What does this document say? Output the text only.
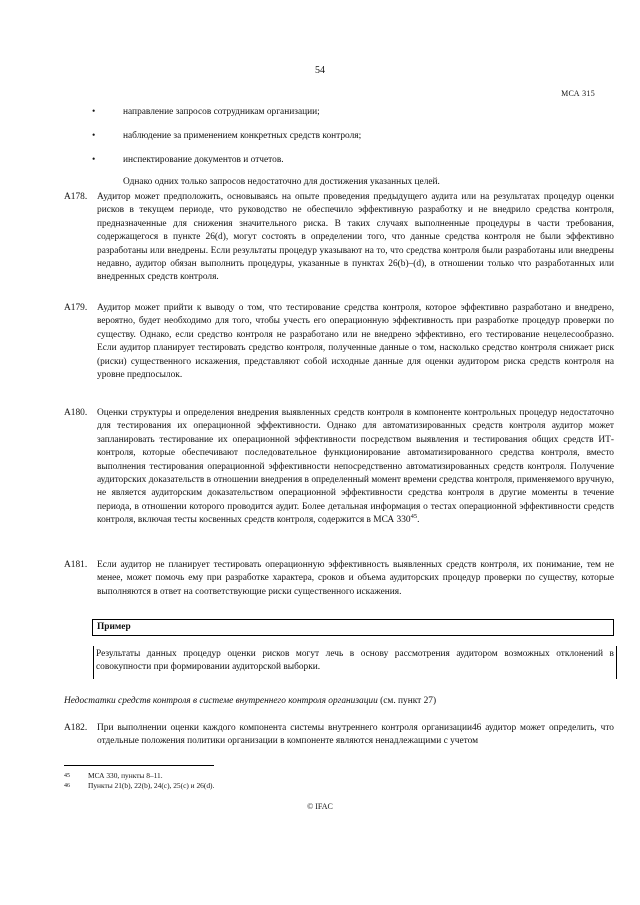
54
МСА 315
•	направление запросов сотрудникам организации;
•	наблюдение за применением конкретных средств контроля;
•	инспектирование документов и отчетов.
Однако одних только запросов недостаточно для достижения указанных целей.
A178.	Аудитор может предположить, основываясь на опыте проведения предыдущего аудита или на результатах процедур оценки рисков в текущем периоде, что руководство не обеспечило эффективную разработку и не внедрило средства контроля, предназначенные для снижения значительного риска. В таких случаях выполненные процедуры в части требования, содержащегося в пункте 26(d), могут состоять в определении того, что данные средства контроля не были эффективно разработаны или внедрены. Если результаты процедур указывают на то, что средства контроля были разработаны или внедрены недавно, аудитор обязан выполнить процедуры, указанные в пунктах 26(b)–(d), в отношении только что разработанных или внедренных средств контроля.
A179.	Аудитор может прийти к выводу о том, что тестирование средства контроля, которое эффективно разработано и внедрено, вероятно, будет необходимо для того, чтобы учесть его операционную эффективность при разработке процедур проверки по существу. Однако, если средство контроля не разработано или не внедрено эффективно, его тестирование нецелесообразно. Если аудитор планирует тестировать средство контроля, полученные данные о том, насколько средство контроля снижает риск (риски) существенного искажения, представляют собой исходные данные для оценки аудитором риска средств контроля на уровне предпосылок.
A180.	Оценки структуры и определения внедрения выявленных средств контроля в компоненте контрольных процедур недостаточно для тестирования их операционной эффективности. Однако для автоматизированных средств контроля аудитор может запланировать тестирование их операционной эффективности посредством выявления и тестирования общих средств ИТ-контроля, которые обеспечивают последовательное функционирование автоматизированного средства контроля, вместо выполнения тестирования операционной эффективности непосредственно автоматизированных средств контроля. Получение аудиторских доказательств в отношении внедрения в определенный момент времени средства контроля, применяемого вручную, не является аудиторским доказательством операционной эффективности средства контроля в другие моменты в течение периода, в отношении которого проводится аудит. Более детальная информация о тестах операционной эффективности средств контроля, включая тесты косвенных средств контроля, содержится в МСА $330^{45}$.
A181.	Если аудитор не планирует тестировать операционную эффективность выявленных средств контроля, их понимание, тем не менее, может помочь ему при разработке характера, сроков и объема аудиторских процедур проверки по существу, которые выполняются в ответ на соответствующие риски существенного искажения.
Пример
Результаты данных процедур оценки рисков могут лечь в основу рассмотрения аудитором возможных отклонений в совокупности при формировании аудиторской выборки.
Недостатки средств контроля в системе внутреннего контроля организации (см. пункт 27)
A182.	При выполнении оценки каждого компонента системы внутреннего контроля организации46 аудитор может определить, что отдельные положения политики организации в компоненте являются ненадлежащими с учетом
45	МСА 330, пункты 8–11.
46	Пункты 21(b), 22(b), 24(c), 25(c) и 26(d).
© IFAC
